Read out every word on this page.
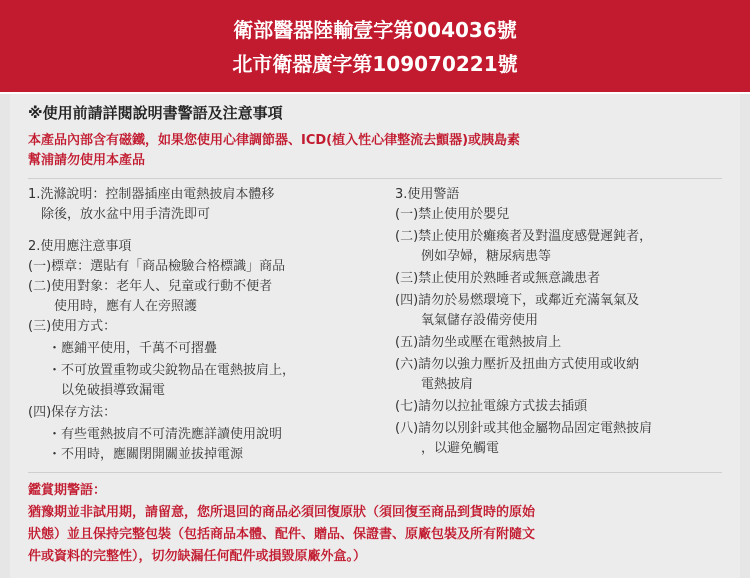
衛部醫器陸輸壹字第004036號
北市衛器廣字第109070221號
※使用前請詳閱說明書警語及注意事項
本產品內部含有磁鐵，如果您使用心律調節器、ICD(植入性心律整流去顫器)或胰島素
幫浦請勿使用本產品
1.洗滌說明：控制器插座由電熱披肩本體移
　除後，放水盆中用手清洗即可
2.使用應注意事項
(一)標章：選貼有「商品檢驗合格標識」商品
(二)使用對象：老年人、兒童或行動不便者
　　使用時，應有人在旁照護
(三)使用方式：
・應鋪平使用，千萬不可摺疊
・不可放置重物或尖銳物品在電熱披肩上，
　以免破損導致漏電
(四)保存方法：
・有些電熱披肩不可清洗應詳讀使用說明
・不用時，應關閉開關並拔掉電源
3.使用警語
(一)禁止使用於嬰兒
(二)禁止使用於癱瘓者及對溫度感覺遲鈍者，
　　例如孕婦，糖尿病患等
(三)禁止使用於熟睡者或無意識患者
(四)請勿於易燃環境下，或鄰近充滿氧氣及
　　氧氣儲存設備旁使用
(五)請勿坐或壓在電熱披肩上
(六)請勿以強力壓折及扭曲方式使用或收納
　　電熱披肩
(七)請勿以拉扯電線方式拔去插頭
(八)請勿以別針或其他金屬物品固定電熱披肩
　　，以避免觸電
鑑賞期警語：
猶豫期並非試用期，請留意，您所退回的商品必須回復原狀（須回復至商品到貨時的原始
狀態）並且保持完整包裝（包括商品本體、配件、贈品、保證書、原廠包裝及所有附隨文
件或資料的完整性），切勿缺漏任何配件或損毀原廠外盒。）
